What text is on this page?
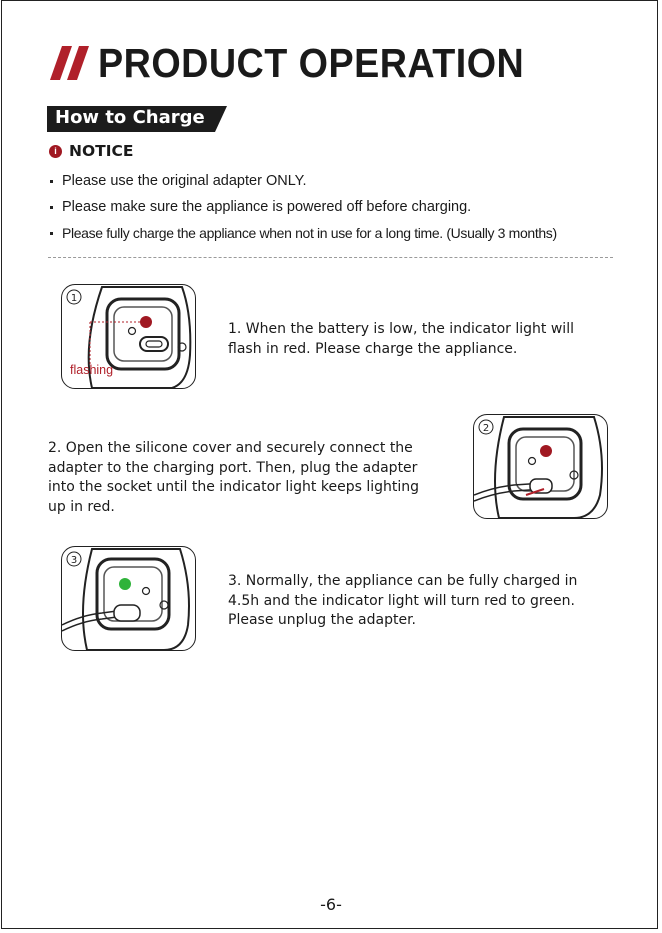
PRODUCT OPERATION
How to Charge
i NOTICE
Please use the original adapter ONLY.
Please make sure the appliance is powered off before charging.
Please fully charge the appliance when not in use for a long time. (Usually 3 months)
1
flashing
1. When the battery is low, the indicator light will flash in red. Please charge the appliance.
2. Open the silicone cover and securely connect the adapter to the charging port. Then, plug the adapter into the socket until the indicator light keeps lighting up in red.
2
3
3. Normally, the appliance can be fully charged in 4.5h and the indicator light will turn red to green. Please unplug the adapter.
-6-
